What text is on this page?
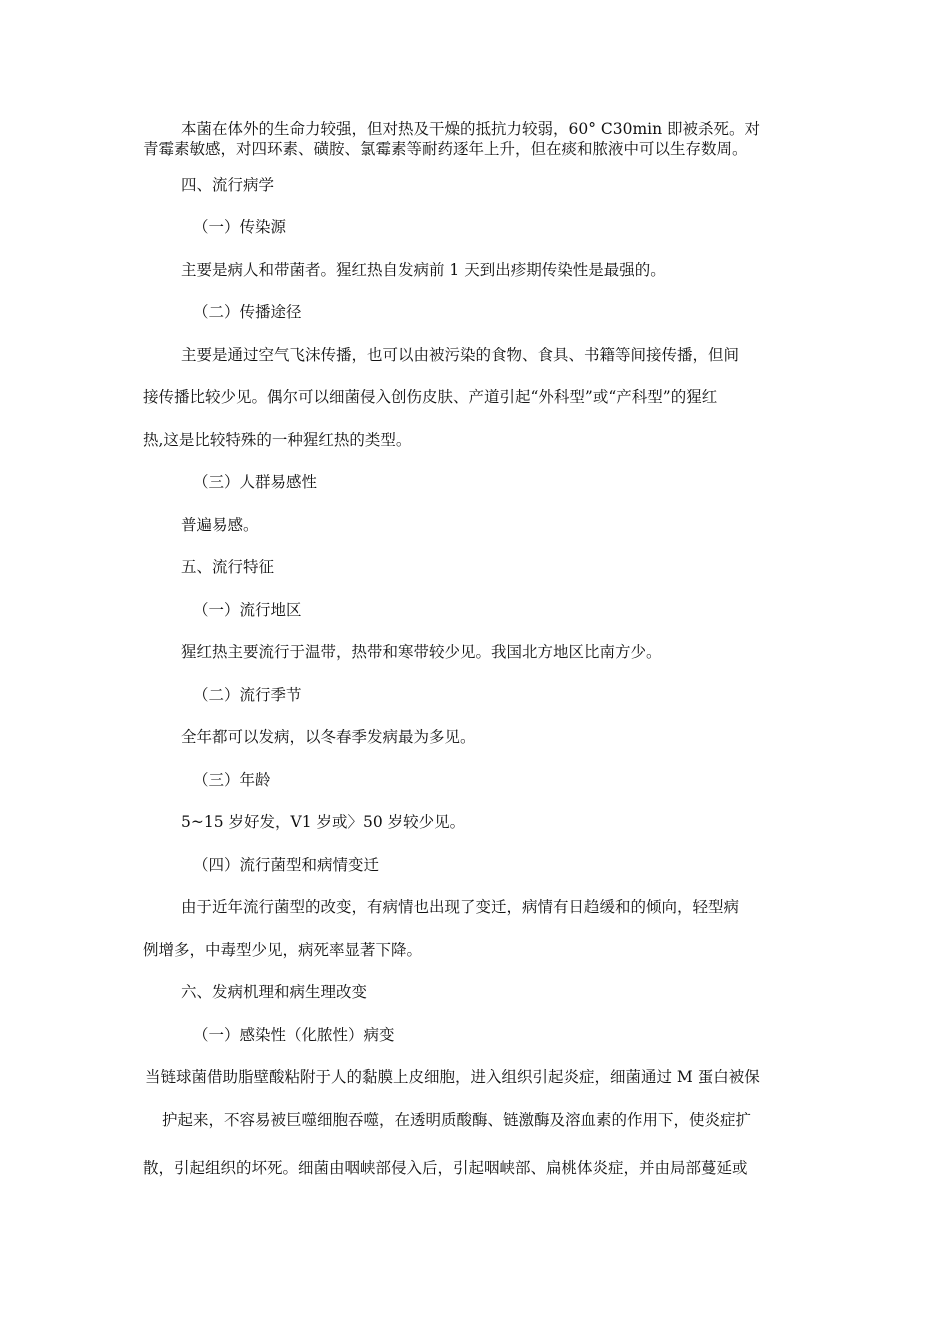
本菌在体外的生命力较强，但对热及干燥的抵抗力较弱，60° C30min 即被杀死。对
青霉素敏感，对四环素、磺胺、氯霉素等耐药逐年上升，但在痰和脓液中可以生存数周。
四、流行病学
（一）传染源
主要是病人和带菌者。猩红热自发病前 1 天到出疹期传染性是最强的。
（二）传播途径
主要是通过空气飞沫传播，也可以由被污染的食物、食具、书籍等间接传播，但间
接传播比较少见。偶尔可以细菌侵入创伤皮肤、产道引起“外科型”或“产科型”的猩红
热,这是比较特殊的一种猩红热的类型。
（三）人群易感性
普遍易感。
五、流行特征
（一）流行地区
猩红热主要流行于温带，热带和寒带较少见。我国北方地区比南方少。
（二）流行季节
全年都可以发病，以冬春季发病最为多见。
（三）年龄
5~15 岁好发，V1 岁或〉50 岁较少见。
（四）流行菌型和病情变迁
由于近年流行菌型的改变，有病情也出现了变迁，病情有日趋缓和的倾向，轻型病
例增多，中毒型少见，病死率显著下降。
六、发病机理和病生理改变
（一）感染性（化脓性）病变
当链球菌借助脂壁酸粘附于人的黏膜上皮细胞，进入组织引起炎症，细菌通过 M 蛋白被保
护起来，不容易被巨噬细胞吞噬，在透明质酸酶、链激酶及溶血素的作用下，使炎症扩
散，引起组织的坏死。细菌由咽峡部侵入后，引起咽峡部、扁桃体炎症，并由局部蔓延或
